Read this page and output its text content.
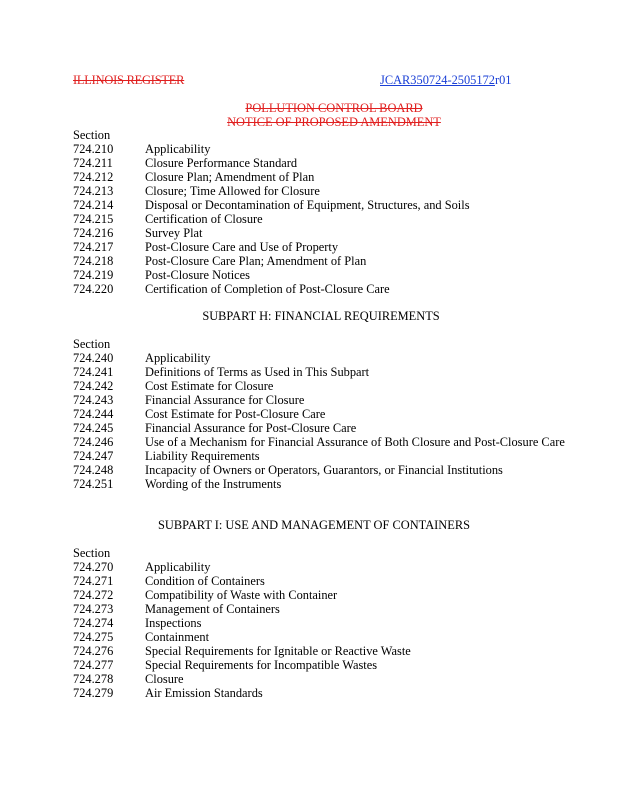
ILLINOIS REGISTER	JCAR350724-2505172r01
POLLUTION CONTROL BOARD
NOTICE OF PROPOSED AMENDMENT
Section
724.210	Applicability
724.211	Closure Performance Standard
724.212	Closure Plan; Amendment of Plan
724.213	Closure; Time Allowed for Closure
724.214	Disposal or Decontamination of Equipment, Structures, and Soils
724.215	Certification of Closure
724.216	Survey Plat
724.217	Post-Closure Care and Use of Property
724.218	Post-Closure Care Plan; Amendment of Plan
724.219	Post-Closure Notices
724.220	Certification of Completion of Post-Closure Care
SUBPART H: FINANCIAL REQUIREMENTS
Section
724.240	Applicability
724.241	Definitions of Terms as Used in This Subpart
724.242	Cost Estimate for Closure
724.243	Financial Assurance for Closure
724.244	Cost Estimate for Post-Closure Care
724.245	Financial Assurance for Post-Closure Care
724.246	Use of a Mechanism for Financial Assurance of Both Closure and Post-Closure Care
724.247	Liability Requirements
724.248	Incapacity of Owners or Operators, Guarantors, or Financial Institutions
724.251	Wording of the Instruments
SUBPART I: USE AND MANAGEMENT OF CONTAINERS
Section
724.270	Applicability
724.271	Condition of Containers
724.272	Compatibility of Waste with Container
724.273	Management of Containers
724.274	Inspections
724.275	Containment
724.276	Special Requirements for Ignitable or Reactive Waste
724.277	Special Requirements for Incompatible Wastes
724.278	Closure
724.279	Air Emission Standards
